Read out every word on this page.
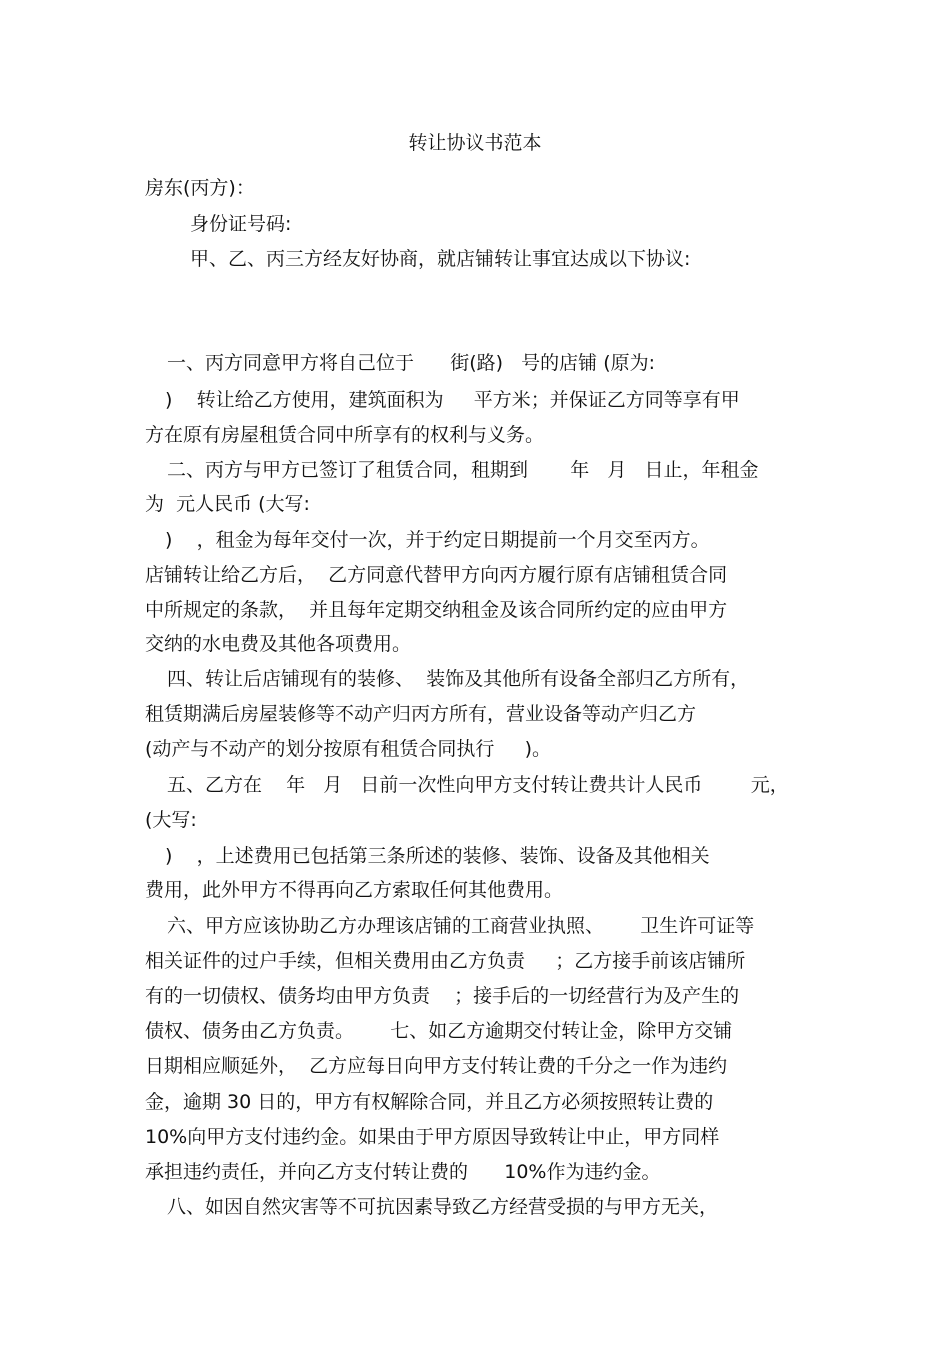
转让协议书范本
房东(丙方)：
身份证号码:
甲、乙、丙三方经友好协商，就店铺转让事宜达成以下协议:
一、丙方同意甲方将自己位于      街(路)   号的店铺 (原为:
)    转让给乙方使用，建筑面积为     平方米；并保证乙方同等享有甲
方在原有房屋租赁合同中所享有的权利与义务。
二、丙方与甲方已签订了租赁合同，租期到       年   月   日止，年租金
为  元人民币 (大写:
)    ，租金为每年交付一次，并于约定日期提前一个月交至丙方。
店铺转让给乙方后，  乙方同意代替甲方向丙方履行原有店铺租赁合同
中所规定的条款，  并且每年定期交纳租金及该合同所约定的应由甲方
交纳的水电费及其他各项费用。
四、转让后店铺现有的装修、  装饰及其他所有设备全部归乙方所有，
租赁期满后房屋装修等不动产归丙方所有，营业设备等动产归乙方
(动产与不动产的划分按原有租赁合同执行     )。
五、乙方在    年   月   日前一次性向甲方支付转让费共计人民币        元，
(大写:
)    ，上述费用已包括第三条所述的装修、装饰、设备及其他相关
费用，此外甲方不得再向乙方索取任何其他费用。
六、甲方应该协助乙方办理该店铺的工商营业执照、      卫生许可证等
相关证件的过户手续，但相关费用由乙方负责     ；乙方接手前该店铺所
有的一切债权、债务均由甲方负责    ；接手后的一切经营行为及产生的
债权、债务由乙方负责。      七、如乙方逾期交付转让金，除甲方交铺
日期相应顺延外，  乙方应每日向甲方支付转让费的千分之一作为违约
金，逾期 30 日的，甲方有权解除合同，并且乙方必须按照转让费的
10%向甲方支付违约金。如果由于甲方原因导致转让中止，甲方同样
承担违约责任，并向乙方支付转让费的      10%作为违约金。
八、如因自然灾害等不可抗因素导致乙方经营受损的与甲方无关，
